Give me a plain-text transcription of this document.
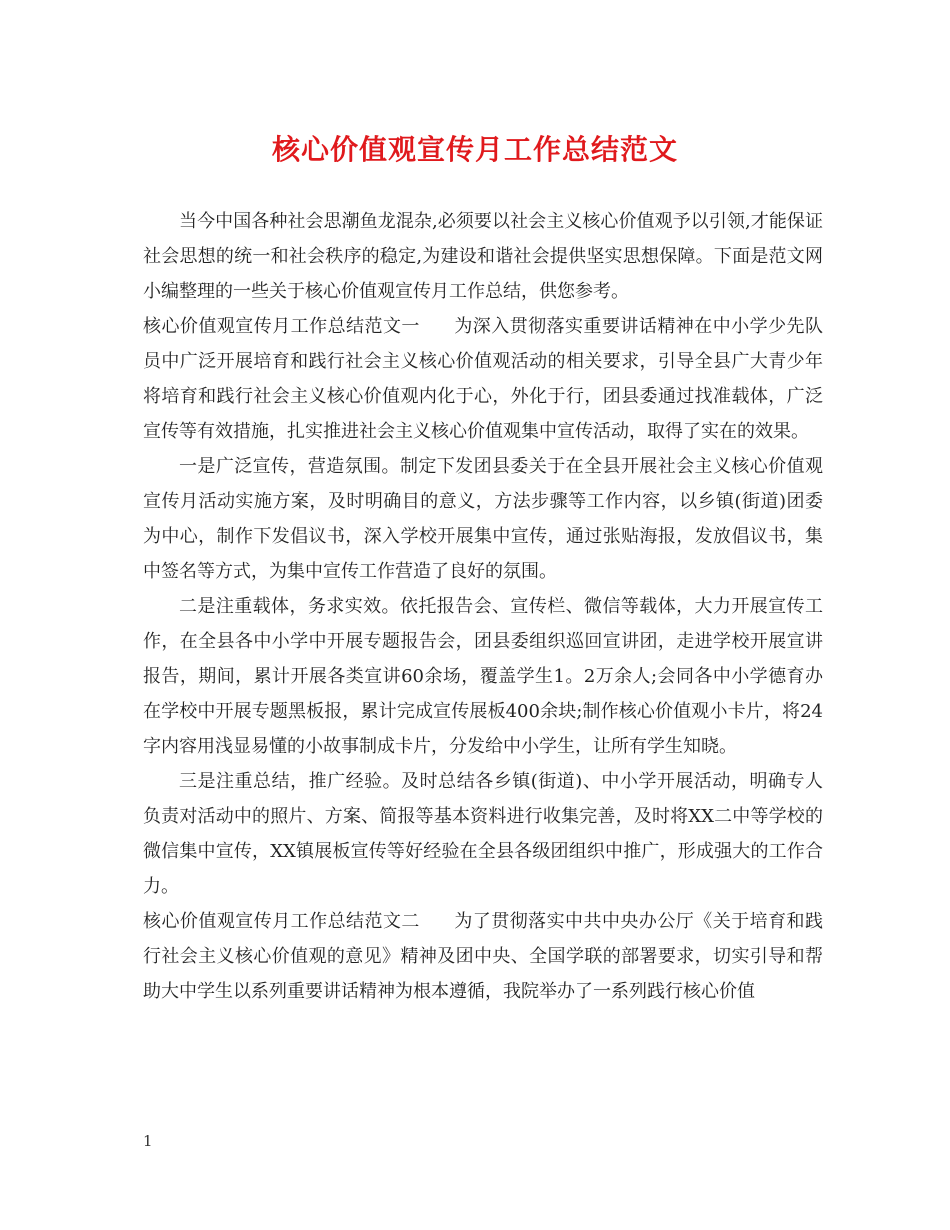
核心价值观宣传月工作总结范文

当今中国各种社会思潮鱼龙混杂,必须要以社会主义核心价值观予以引领,才能保证社会思想的统一和社会秩序的稳定,为建设和谐社会提供坚实思想保障。下面是范文网小编整理的一些关于核心价值观宣传月工作总结，供您参考。

核心价值观宣传月工作总结范文一 为深入贯彻落实重要讲话精神在中小学少先队员中广泛开展培育和践行社会主义核心价值观活动的相关要求，引导全县广大青少年将培育和践行社会主义核心价值观内化于心，外化于行，团县委通过找准载体，广泛宣传等有效措施，扎实推进社会主义核心价值观集中宣传活动，取得了实在的效果。

一是广泛宣传，营造氛围。制定下发团县委关于在全县开展社会主义核心价值观宣传月活动实施方案，及时明确目的意义，方法步骤等工作内容，以乡镇(街道)团委为中心，制作下发倡议书，深入学校开展集中宣传，通过张贴海报，发放倡议书，集中签名等方式，为集中宣传工作营造了良好的氛围。

二是注重载体，务求实效。依托报告会、宣传栏、微信等载体，大力开展宣传工作，在全县各中小学中开展专题报告会，团县委组织巡回宣讲团，走进学校开展宣讲报告，期间，累计开展各类宣讲60余场，覆盖学生1。2万余人;会同各中小学德育办在学校中开展专题黑板报，累计完成宣传展板400余块;制作核心价值观小卡片，将24字内容用浅显易懂的小故事制成卡片，分发给中小学生，让所有学生知晓。

三是注重总结，推广经验。及时总结各乡镇(街道)、中小学开展活动，明确专人负责对活动中的照片、方案、简报等基本资料进行收集完善，及时将XX二中等学校的微信集中宣传，XX镇展板宣传等好经验在全县各级团组织中推广，形成强大的工作合力。

核心价值观宣传月工作总结范文二 为了贯彻落实中共中央办公厅《关于培育和践行社会主义核心价值观的意见》精神及团中央、全国学联的部署要求，切实引导和帮助大中学生以系列重要讲话精神为根本遵循，我院举办了一系列践行核心价值

1
